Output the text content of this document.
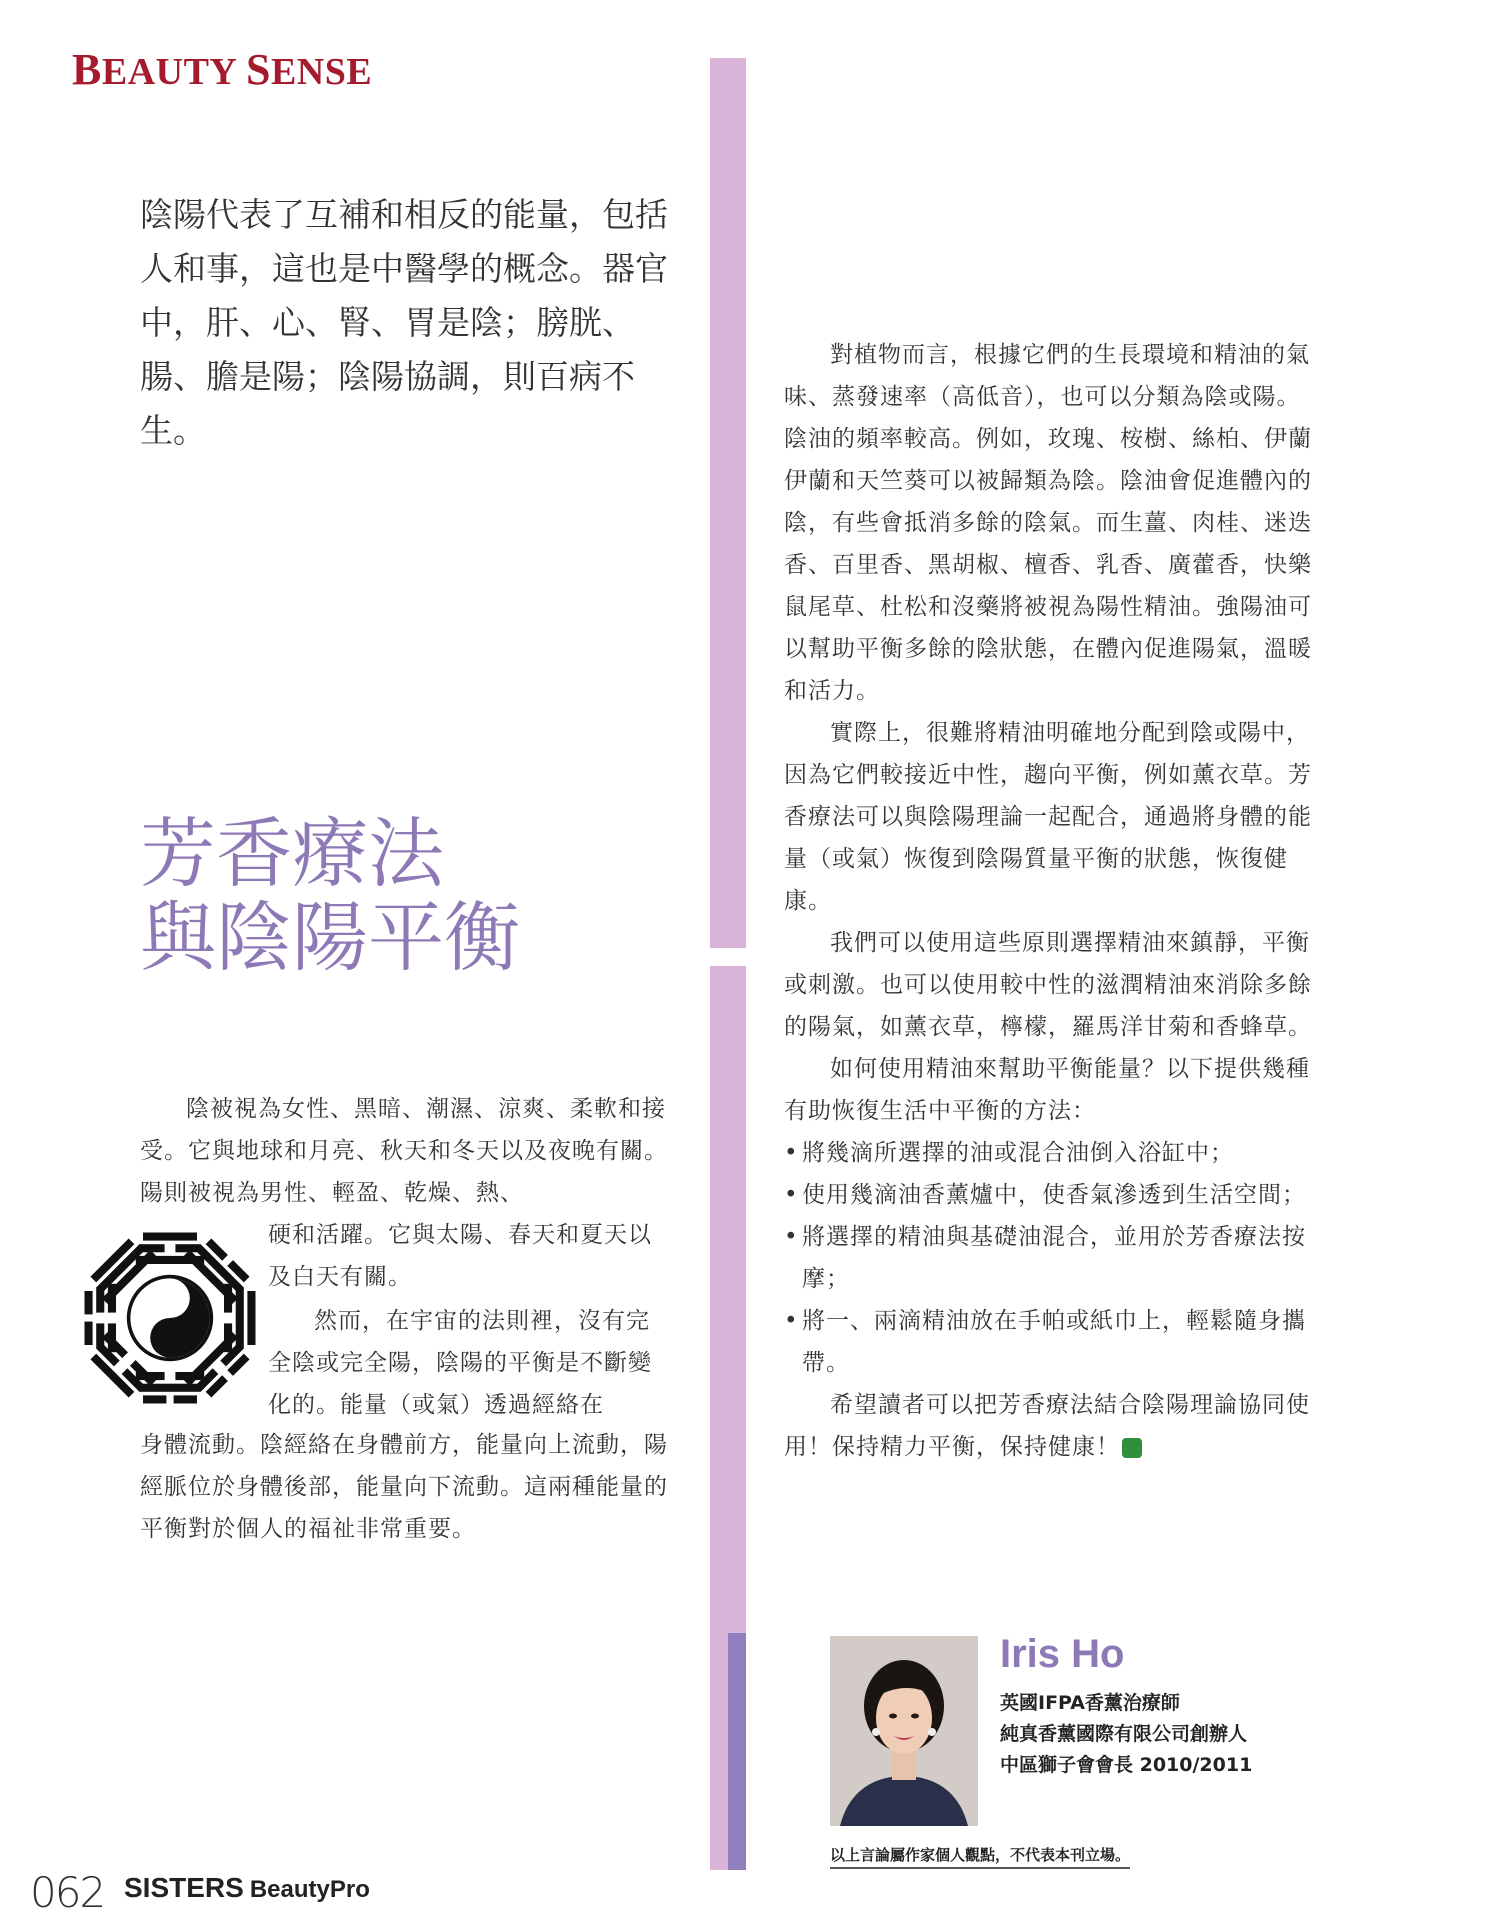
BEAUTY SENSE
陰陽代表了互補和相反的能量，包括人和事，這也是中醫學的概念。器官中，肝、心、腎、胃是陰；膀胱、腸、膽是陽；陰陽協調，則百病不生。
芳香療法
與陰陽平衡
陰被視為女性、黑暗、潮濕、涼爽、柔軟和接受。它與地球和月亮、秋天和冬天以及夜晚有關。陽則被視為男性、輕盈、乾燥、熱、
硬和活躍。它與太陽、春天和夏天以及白天有關。
然而，在宇宙的法則裡，沒有完全陰或完全陽，陰陽的平衡是不斷變化的。能量（或氣）透過經絡在
身體流動。陰經絡在身體前方，能量向上流動，陽經脈位於身體後部，能量向下流動。這兩種能量的平衡對於個人的福祉非常重要。

對植物而言，根據它們的生長環境和精油的氣味、蒸發速率（高低音），也可以分類為陰或陽。陰油的頻率較高。例如，玫瑰、桉樹、絲柏、伊蘭伊蘭和天竺葵可以被歸類為陰。陰油會促進體內的陰，有些會抵消多餘的陰氣。而生薑、肉桂、迷迭香、百里香、黑胡椒、檀香、乳香、廣藿香，快樂鼠尾草、杜松和沒藥將被視為陽性精油。強陽油可以幫助平衡多餘的陰狀態，在體內促進陽氣，溫暖和活力。

實際上，很難將精油明確地分配到陰或陽中，因為它們較接近中性，趨向平衡，例如薰衣草。芳香療法可以與陰陽理論一起配合，通過將身體的能量（或氣）恢復到陰陽質量平衡的狀態，恢復健康。

我們可以使用這些原則選擇精油來鎮靜，平衡或刺激。也可以使用較中性的滋潤精油來消除多餘的陽氣，如薰衣草，檸檬，羅馬洋甘菊和香蜂草。

如何使用精油來幫助平衡能量？以下提供幾種有助恢復生活中平衡的方法：

• 將幾滴所選擇的油或混合油倒入浴缸中；
• 使用幾滴油香薰爐中，使香氣滲透到生活空間；
• 將選擇的精油與基礎油混合，並用於芳香療法按摩；
• 將一、兩滴精油放在手帕或紙巾上，輕鬆隨身攜帶。

希望讀者可以把芳香療法結合陰陽理論協同使用！保持精力平衡，保持健康！	S

Iris Ho
英國IFPA香薰治療師
純真香薰國際有限公司創辦人
中區獅子會會長 2010/2011
以上言論屬作家個人觀點，不代表本刊立場。
062 SISTERS BeautyPro
